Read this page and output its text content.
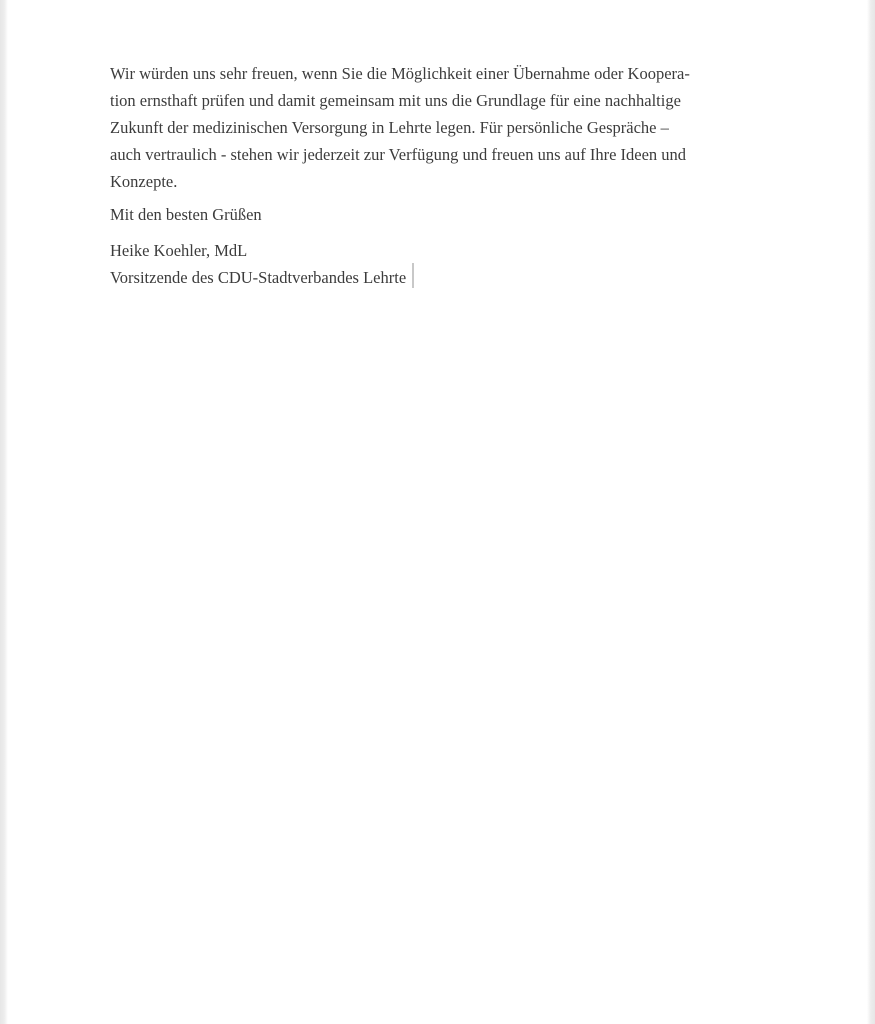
Wir würden uns sehr freuen, wenn Sie die Möglichkeit einer Übernahme oder Koopera-
tion ernsthaft prüfen und damit gemeinsam mit uns die Grundlage für eine nachhaltige
Zukunft der medizinischen Versorgung in Lehrte legen. Für persönliche Gespräche –
auch vertraulich - stehen wir jederzeit zur Verfügung und freuen uns auf Ihre Ideen und
Konzepte.
Mit den besten Grüßen
Heike Koehler, MdL
Vorsitzende des CDU-Stadtverbandes Lehrte
